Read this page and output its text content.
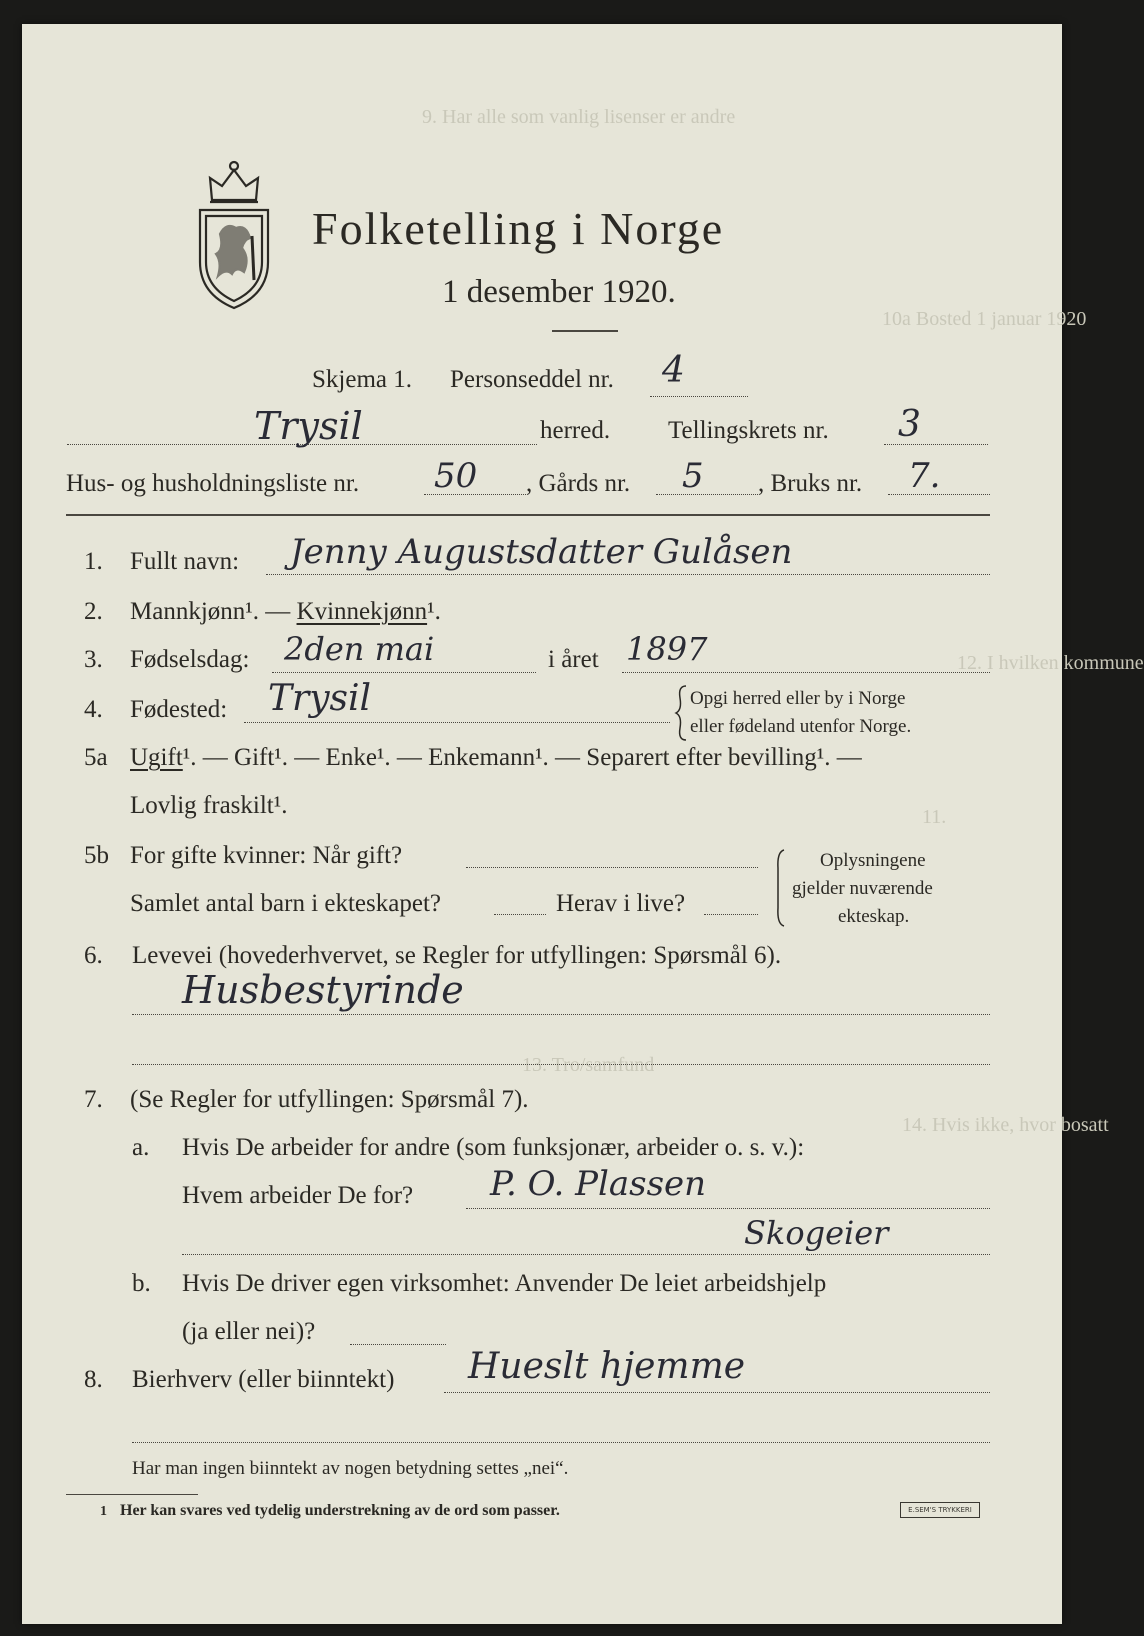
9. Har alle som vanlig lisenser er andre
10a Bosted 1 januar 1920
11.
12. I hvilken kommune
13. Tro/samfund
14. Hvis ikke, hvor bosatt
Folketelling i Norge
1 desember 1920.
Skjema 1. Personseddel nr. 4
Trysil	herred. Tellingskrets nr. 3
Hus- og husholdningsliste nr. 50 , Gårds nr. 5 , Bruks nr. 7.
1. Fullt navn: Jenny Augustsdatter Gulåsen
2. Mannkjønn¹. — Kvinnekjønn¹.
3. Fødselsdag: 2den mai	i året 1897
4. Fødested: Trysil	Opgi herred eller by i Norge
eller fødeland utenfor Norge.
5a Ugift¹. — Gift¹. — Enke¹. — Enkemann¹. — Separert efter bevilling¹. —
Lovlig fraskilt¹.
5b For gifte kvinner: Når gift?
Samlet antal barn i ekteskapet?	Herav i live?
Oplysningene
gjelder nuværende
ekteskap.
6. Levevei (hovederhvervet, se Regler for utfyllingen: Spørsmål 6).
Husbestyrinde
7. (Se Regler for utfyllingen: Spørsmål 7).
a. Hvis De arbeider for andre (som funksjonær, arbeider o. s. v.):
Hvem arbeider De for? P. O. Plassen
Skogeier
b. Hvis De driver egen virksomhet: Anvender De leiet arbeidshjelp
(ja eller nei)?
8. Bierhverv (eller biinntekt) Hueslt hjemme
Har man ingen biinntekt av nogen betydning settes „nei“.
1 Her kan svares ved tydelig understrekning av de ord som passer.	E.SEM'S TRYKKERI
